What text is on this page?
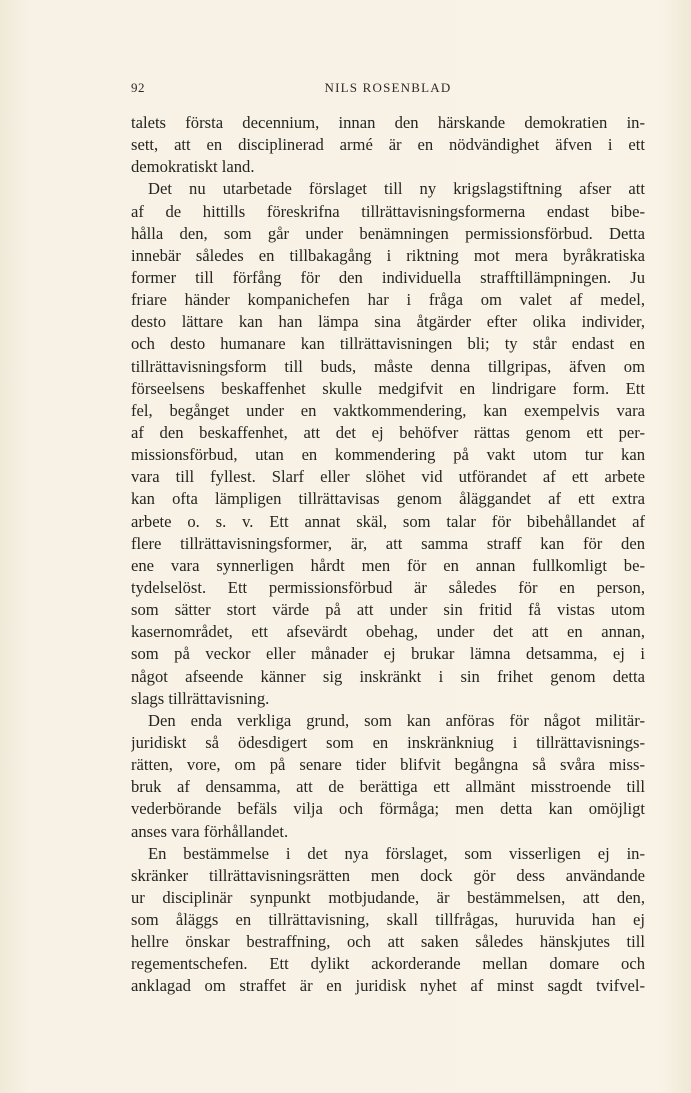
92	NILS ROSENBLAD
talets första decennium, innan den härskande demokratien in-
sett, att en disciplinerad armé är en nödvändighet äfven i ett
demokratiskt land.
Det nu utarbetade förslaget till ny krigslagstiftning afser att
af de hittills föreskrifna tillrättavisningsformerna endast bibe-
hålla den, som går under benämningen permissionsförbud. Detta
innebär således en tillbakagång i riktning mot mera byråkratiska
former till förfång för den individuella strafftillämpningen. Ju
friare händer kompanichefen har i fråga om valet af medel,
desto lättare kan han lämpa sina åtgärder efter olika individer,
och desto humanare kan tillrättavisningen bli; ty står endast en
tillrättavisningsform till buds, måste denna tillgripas, äfven om
förseelsens beskaffenhet skulle medgifvit en lindrigare form. Ett
fel, begånget under en vaktkommendering, kan exempelvis vara
af den beskaffenhet, att det ej behöfver rättas genom ett per-
missionsförbud, utan en kommendering på vakt utom tur kan
vara till fyllest. Slarf eller slöhet vid utförandet af ett arbete
kan ofta lämpligen tillrättavisas genom åläggandet af ett extra
arbete o. s. v. Ett annat skäl, som talar för bibehållandet af
flere tillrättavisningsformer, är, att samma straff kan för den
ene vara synnerligen hårdt men för en annan fullkomligt be-
tydelselöst. Ett permissionsförbud är således för en person,
som sätter stort värde på att under sin fritid få vistas utom
kasernområdet, ett afsevärdt obehag, under det att en annan,
som på veckor eller månader ej brukar lämna detsamma, ej i
något afseende känner sig inskränkt i sin frihet genom detta
slags tillrättavisning.
Den enda verkliga grund, som kan anföras för något militär-
juridiskt så ödesdigert som en inskränkniug i tillrättavisnings-
rätten, vore, om på senare tider blifvit begångna så svåra miss-
bruk af densamma, att de berättiga ett allmänt misstroende till
vederbörande befäls vilja och förmåga; men detta kan omöjligt
anses vara förhållandet.
En bestämmelse i det nya förslaget, som visserligen ej in-
skränker tillrättavisningsrätten men dock gör dess användande
ur disciplinär synpunkt motbjudande, är bestämmelsen, att den,
som åläggs en tillrättavisning, skall tillfrågas, huruvida han ej
hellre önskar bestraffning, och att saken således hänskjutes till
regementschefen. Ett dylikt ackorderande mellan domare och
anklagad om straffet är en juridisk nyhet af minst sagdt tvifvel-
